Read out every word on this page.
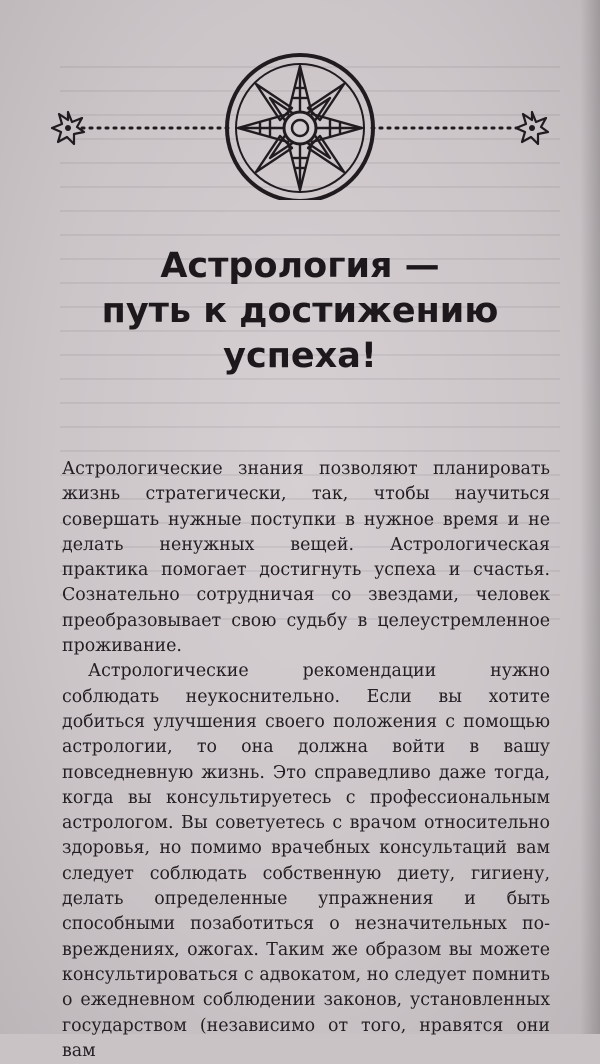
Астрология —
путь к достижению
успеха!

Астрологические знания позволяют планировать жизнь стратегически, так, чтобы научиться совершать нужные поступки в нужное время и не делать ненужных вещей. Астрологическая практика помогает достигнуть успеха и счастья. Сознательно сотрудничая со звездами, человек преобразовывает свою судьбу в целеустремленное проживание.

Астрологические рекомендации нужно соблюдать неукоснительно. Если вы хотите добиться улучшения своего положения с помощью астрологии, то она должна войти в вашу повседневную жизнь. Это справедливо даже тогда, когда вы консультируетесь с профессиональным астрологом. Вы советуетесь с врачом относительно здоровья, но помимо врачебных консультаций вам следует соблюдать собственную диету, гигиену, делать определенные упражнения и быть способными позаботиться о незначительных повреждениях, ожогах. Таким же образом вы можете консультироваться с адвокатом, но следует помнить о ежедневном соблюдении законов, установленных государством (независимо от того, нравятся они вам
